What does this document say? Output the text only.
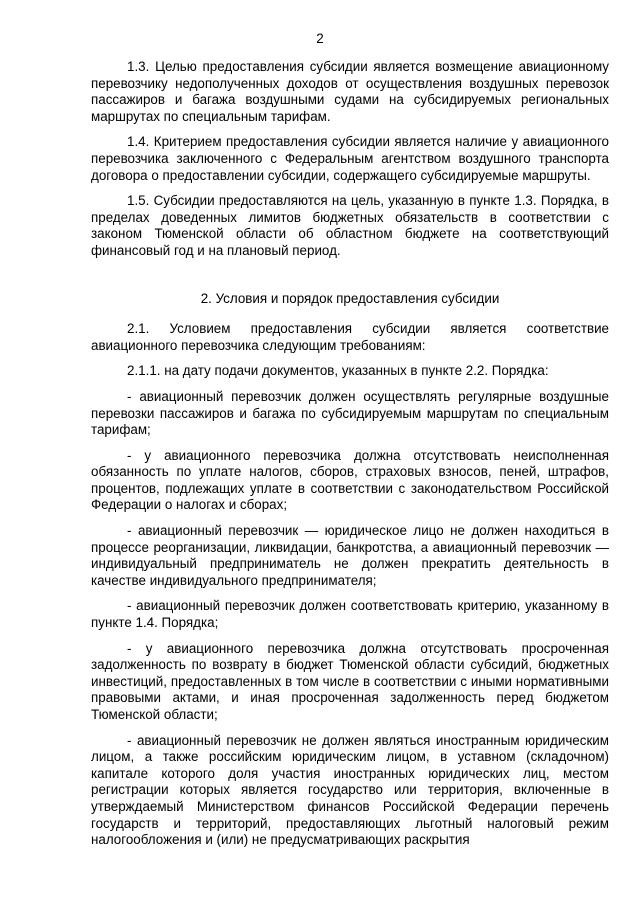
2

1.3. Целью предоставления субсидии является возмещение авиационному перевозчику недополученных доходов от осуществления воздушных перевозок пассажиров и багажа воздушными судами на субсидируемых региональных маршрутах по специальным тарифам.

1.4. Критерием предоставления субсидии является наличие у авиационного перевозчика заключенного с Федеральным агентством воздушного транспорта договора о предоставлении субсидии, содержащего субсидируемые маршруты.

1.5. Субсидии предоставляются на цель, указанную в пункте 1.3. Порядка, в пределах доведенных лимитов бюджетных обязательств в соответствии с законом Тюменской области об областном бюджете на соответствующий финансовый год и на плановый период.

2. Условия и порядок предоставления субсидии

2.1. Условием предоставления субсидии является соответствие авиационного перевозчика следующим требованиям:

2.1.1. на дату подачи документов, указанных в пункте 2.2. Порядка:

- авиационный перевозчик должен осуществлять регулярные воздушные перевозки пассажиров и багажа по субсидируемым маршрутам по специальным тарифам;

- у авиационного перевозчика должна отсутствовать неисполненная обязанность по уплате налогов, сборов, страховых взносов, пеней, штрафов, процентов, подлежащих уплате в соответствии с законодательством Российской Федерации о налогах и сборах;

- авиационный перевозчик — юридическое лицо не должен находиться в процессе реорганизации, ликвидации, банкротства, а авиационный перевозчик — индивидуальный предприниматель не должен прекратить деятельность в качестве индивидуального предпринимателя;

- авиационный перевозчик должен соответствовать критерию, указанному в пункте 1.4. Порядка;

- у авиационного перевозчика должна отсутствовать просроченная задолженность по возврату в бюджет Тюменской области субсидий, бюджетных инвестиций, предоставленных в том числе в соответствии с иными нормативными правовыми актами, и иная просроченная задолженность перед бюджетом Тюменской области;

- авиационный перевозчик не должен являться иностранным юридическим лицом, а также российским юридическим лицом, в уставном (складочном) капитале которого доля участия иностранных юридических лиц, местом регистрации которых является государство или территория, включенные в утверждаемый Министерством финансов Российской Федерации перечень государств и территорий, предоставляющих льготный налоговый режим налогообложения и (или) не предусматривающих раскрытия
